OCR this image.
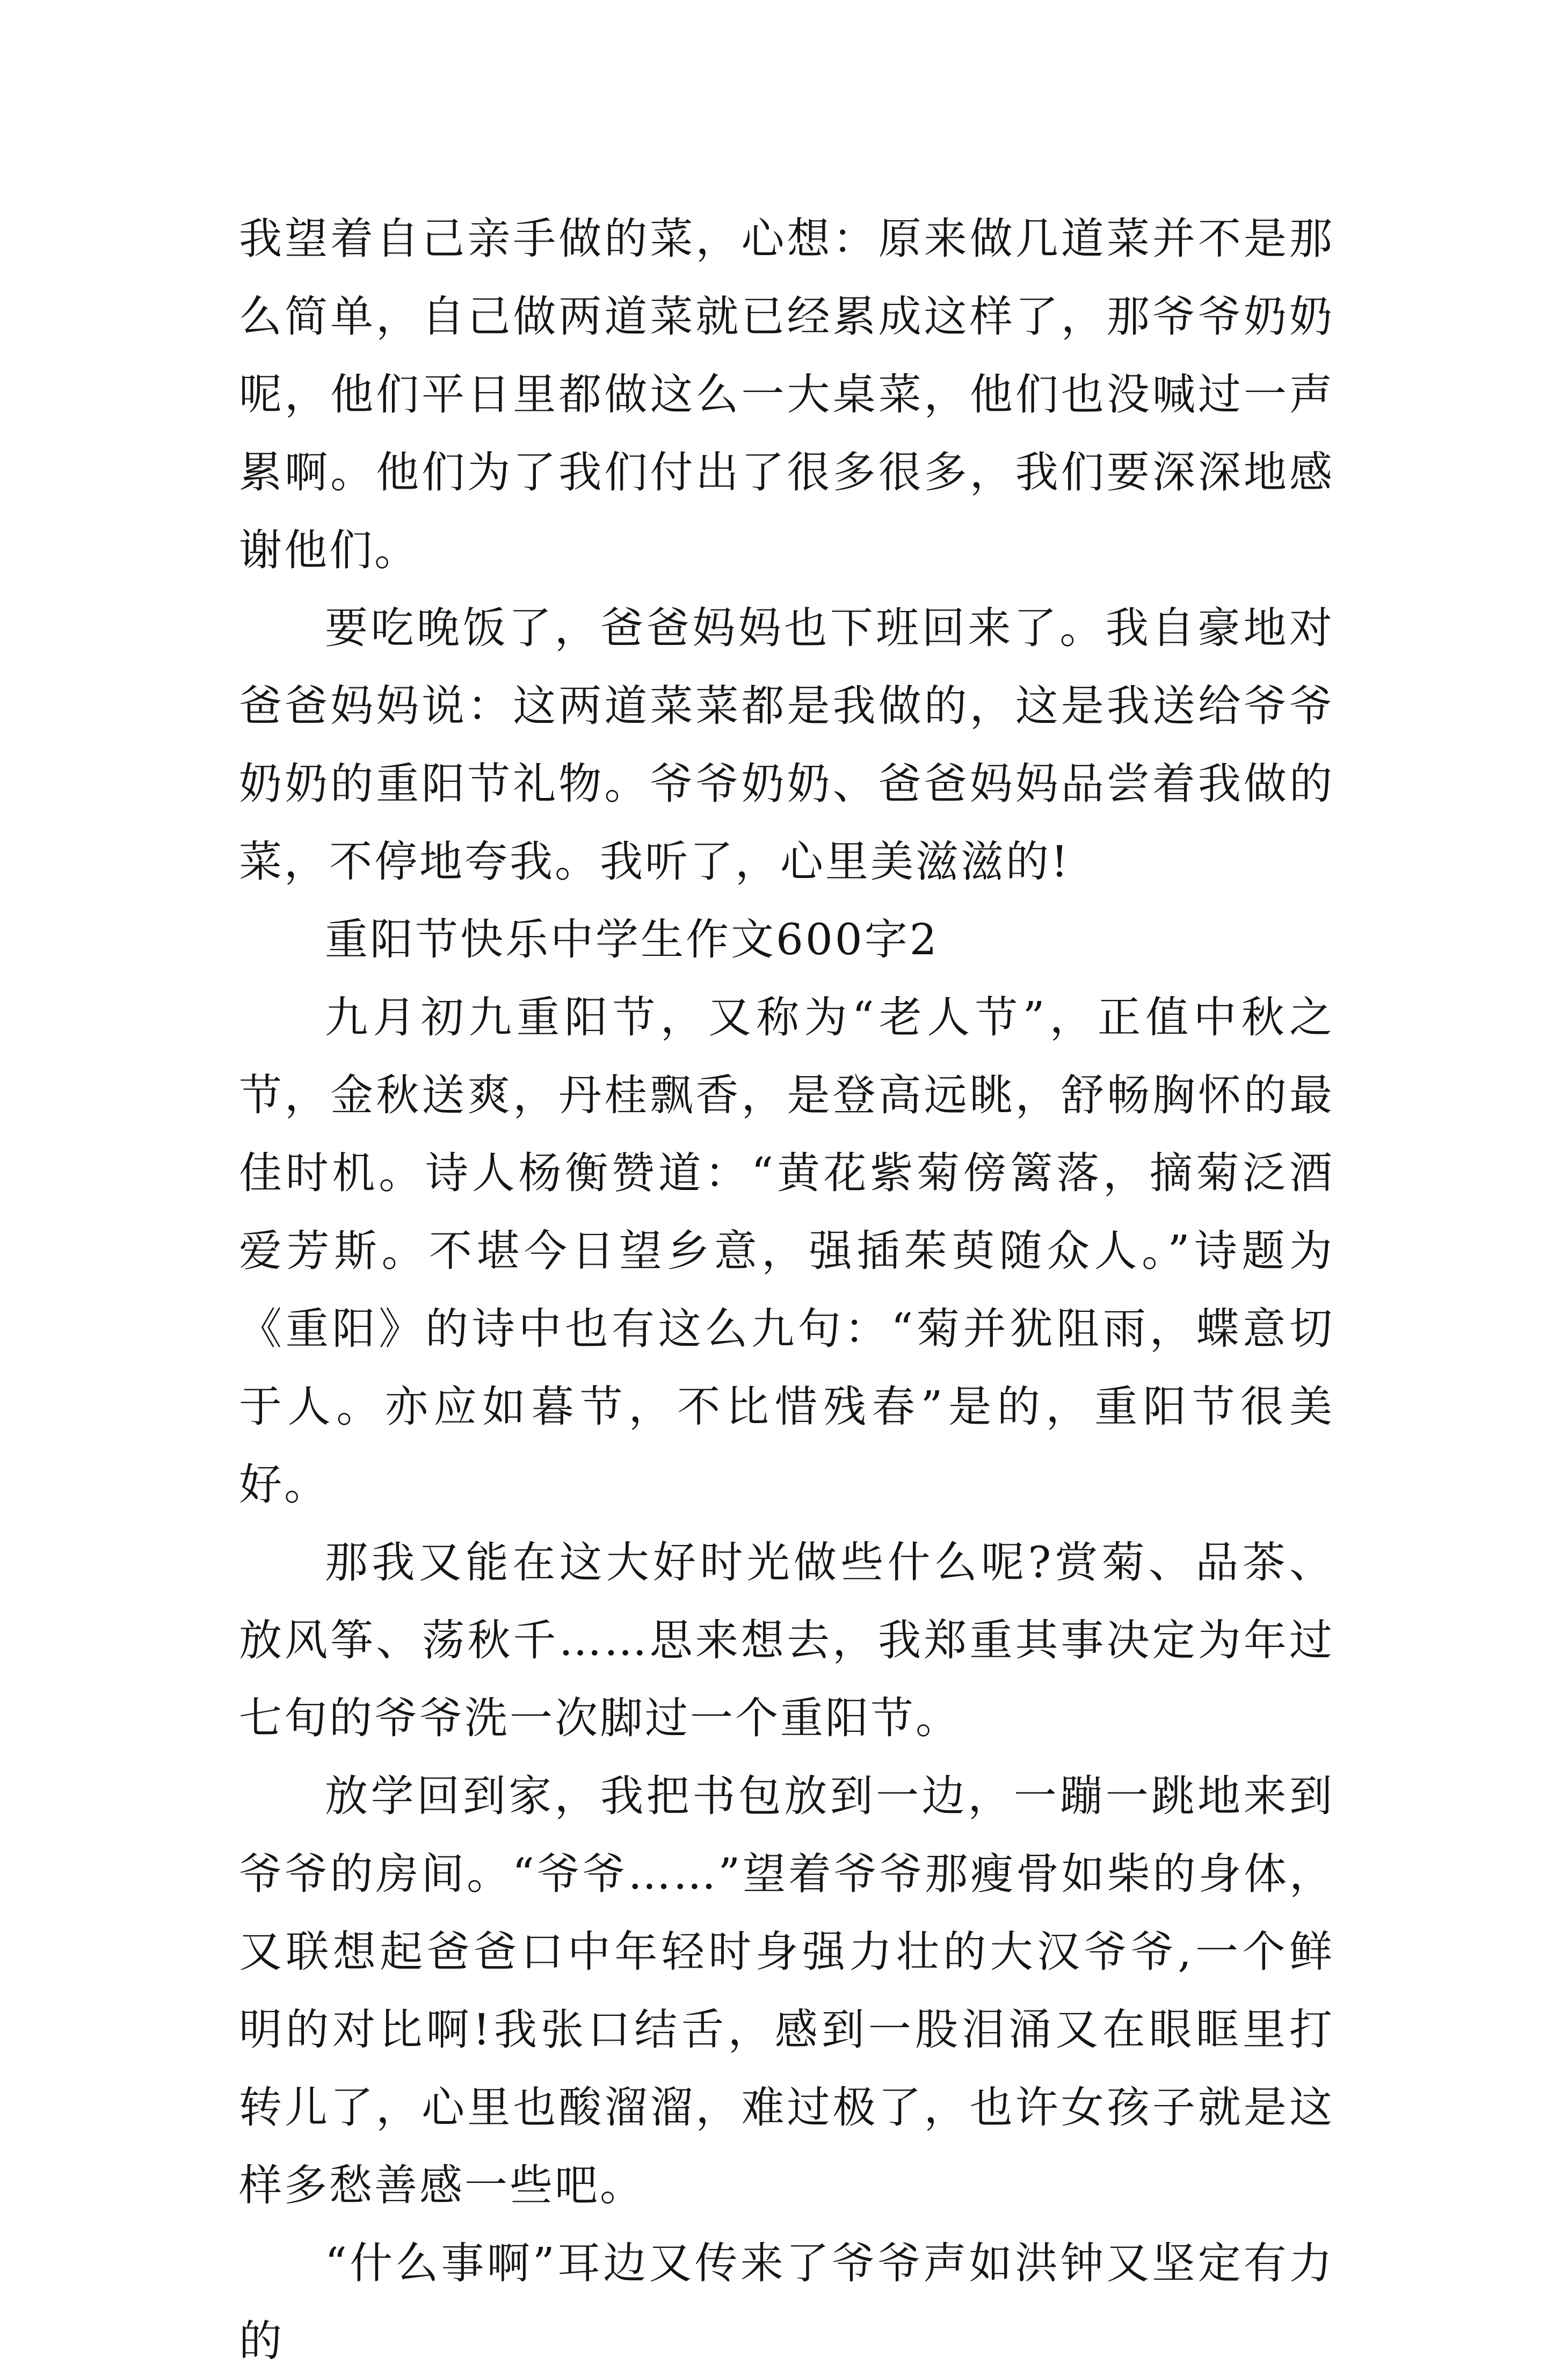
我望着自己亲手做的菜，心想：原来做几道菜并不是那么简单，自己做两道菜就已经累成这样了，那爷爷奶奶呢，他们平日里都做这么一大桌菜，他们也没喊过一声累啊。他们为了我们付出了很多很多，我们要深深地感谢他们。

要吃晚饭了，爸爸妈妈也下班回来了。我自豪地对爸爸妈妈说：这两道菜菜都是我做的，这是我送给爷爷奶奶的重阳节礼物。爷爷奶奶、爸爸妈妈品尝着我做的菜，不停地夸我。我听了，心里美滋滋的!

重阳节快乐中学生作文600字2

九月初九重阳节，又称为“老人节”，正值中秋之节，金秋送爽，丹桂飘香，是登高远眺，舒畅胸怀的最佳时机。诗人杨衡赞道：“黄花紫菊傍篱落，摘菊泛酒爱芳斯。不堪今日望乡意，强插茱萸随众人。”诗题为《重阳》的诗中也有这么九句：“菊并犹阻雨，蝶意切于人。亦应如暮节，不比惜残春”是的，重阳节很美好。

那我又能在这大好时光做些什么呢?赏菊、品茶、放风筝、荡秋千……思来想去，我郑重其事决定为年过七旬的爷爷洗一次脚过一个重阳节。

放学回到家，我把书包放到一边，一蹦一跳地来到爷爷的房间。“爷爷……”望着爷爷那瘦骨如柴的身体，又联想起爸爸口中年轻时身强力壮的大汉爷爷,一个鲜明的对比啊!我张口结舌，感到一股泪涌又在眼眶里打转儿了，心里也酸溜溜，难过极了，也许女孩子就是这样多愁善感一些吧。

“什么事啊”耳边又传来了爷爷声如洪钟又坚定有力的
